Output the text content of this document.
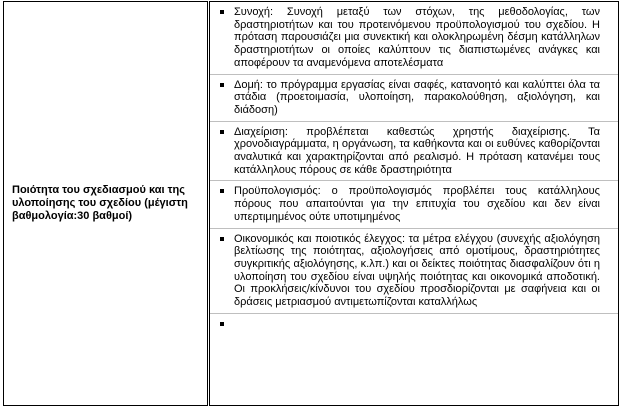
Ποιότητα του σχεδιασμού και της υλοποίησης του σχεδίου (μέγιστη βαθμολογία:30 βαθμοί)

Συνοχή: Συνοχή μεταξύ των στόχων, της μεθοδολογίας, των δραστηριοτήτων και του προτεινόμενου προϋπολογισμού του σχεδίου. Η πρόταση παρουσιάζει μια συνεκτική και ολοκληρωμένη δέσμη κατάλληλων δραστηριοτήτων οι οποίες καλύπτουν τις διαπιστωμένες ανάγκες και αποφέρουν τα αναμενόμενα αποτελέσματα
Δομή: το πρόγραμμα εργασίας είναι σαφές, κατανοητό και καλύπτει όλα τα στάδια (προετοιμασία, υλοποίηση, παρακολούθηση, αξιολόγηση, και διάδοση)
Διαχείριση: προβλέπεται καθεστώς χρηστής διαχείρισης. Τα χρονοδιαγράμματα, η οργάνωση, τα καθήκοντα και οι ευθύνες καθορίζονται αναλυτικά και χαρακτηρίζονται από ρεαλισμό. Η πρόταση κατανέμει τους κατάλληλους πόρους σε κάθε δραστηριότητα
Προϋπολογισμός: ο προϋπολογισμός προβλέπει τους κατάλληλους πόρους που απαιτούνται για την επιτυχία του σχεδίου και δεν είναι υπερτιμημένος ούτε υποτιμημένος
Οικονομικός και ποιοτικός έλεγχος: τα μέτρα ελέγχου (συνεχής αξιολόγηση βελτίωσης της ποιότητας, αξιολογήσεις από ομοτίμους, δραστηριότητες συγκριτικής αξιολόγησης, κ.λπ.) και οι δείκτες ποιότητας διασφαλίζουν ότι η υλοποίηση του σχεδίου είναι υψηλής ποιότητας και οικονομικά αποδοτική. Οι προκλήσεις/κίνδυνοι του σχεδίου προσδιορίζονται με σαφήνεια και οι δράσεις μετριασμού αντιμετωπίζονται καταλλήλως
